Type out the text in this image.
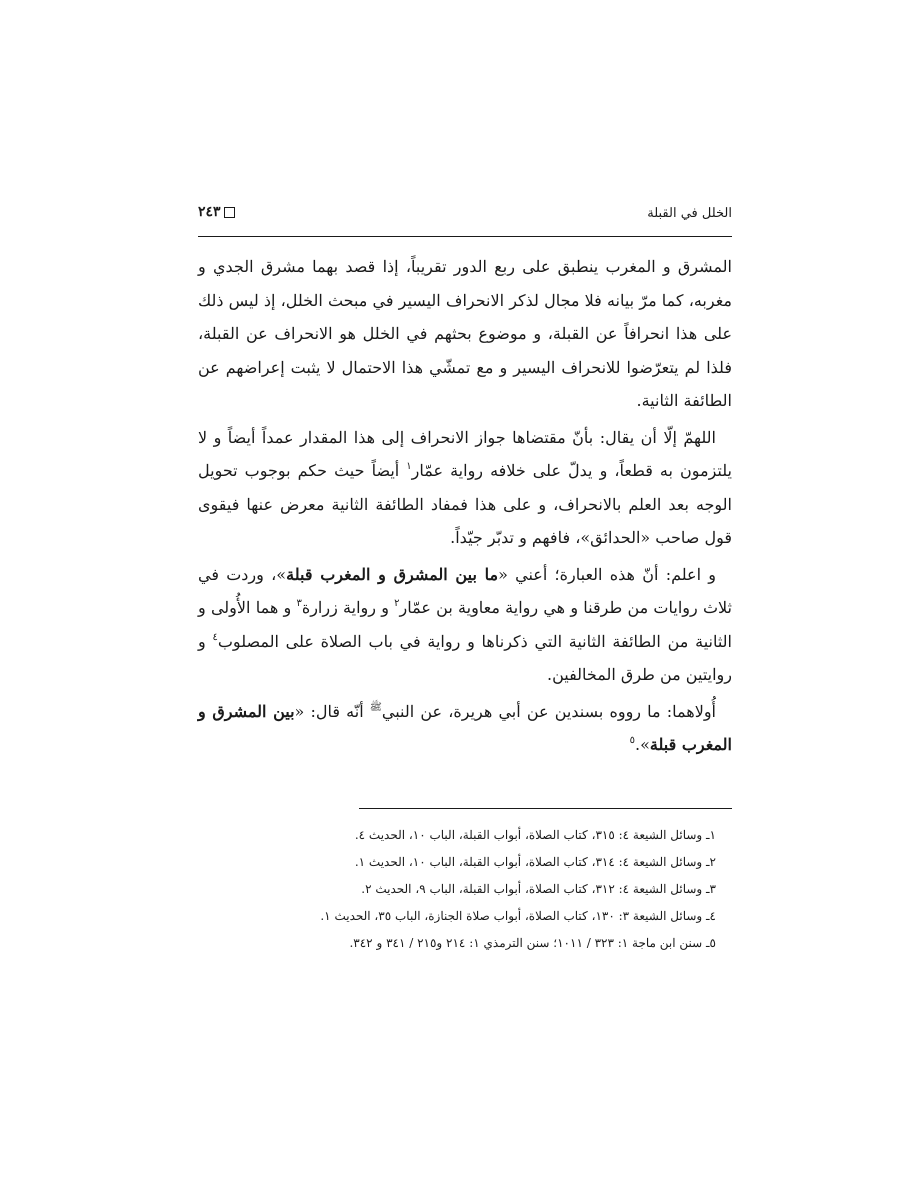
الخلل في القبلة
٢٤٣

المشرق و المغرب ينطبق على ربع الدور تقريباً، إذا قصد بهما مشرق الجدي و مغربه، كما مرّ بيانه فلا مجال لذكر الانحراف اليسير في مبحث الخلل، إذ ليس ذلك على هذا انحرافاً عن القبلة، و موضوع بحثهم في الخلل هو الانحراف عن القبلة، فلذا لم يتعرّضوا للانحراف اليسير و مع تمشّي هذا الاحتمال لا يثبت إعراضهم عن الطائفة الثانية.

اللهمّ إلّا أن يقال: بأنّ مقتضاها جواز الانحراف إلى هذا المقدار عمداً أيضاً و لا يلتزمون به قطعاً، و يدلّ على خلافه رواية عمّار$^١$ أيضاً حيث حكم بوجوب تحويل الوجه بعد العلم بالانحراف، و على هذا فمفاد الطائفة الثانية معرض عنها فيقوى قول صاحب «الحدائق»، فافهم و تدبّر جيّداً.

و اعلم: أنّ هذه العبارة؛ أعني «ما بين المشرق و المغرب قبلة»، وردت في ثلاث روايات من طرقنا و هي رواية معاوية بن عمّار$^٢$ و رواية زرارة$^٣$ و هما الأُولى و الثانية من الطائفة الثانية التي ذكرناها و رواية في باب الصلاة على المصلوب$^٤$ و روايتين من طرق المخالفين.

أُولاهما: ما رووه بسندين عن أبي هريرة، عن النبي$^ﷺ$ أنّه قال: «بين المشرق و المغرب قبلة».$^٥$

١ـ وسائل الشيعة ٤: ٣١٥، كتاب الصلاة، أبواب القبلة، الباب ١٠، الحديث ٤.

٢ـ وسائل الشيعة ٤: ٣١٤، كتاب الصلاة، أبواب القبلة، الباب ١٠، الحديث ١.

٣ـ وسائل الشيعة ٤: ٣١٢، كتاب الصلاة، أبواب القبلة، الباب ٩، الحديث ٢.

٤ـ وسائل الشيعة ٣: ١٣٠، كتاب الصلاة، أبواب صلاة الجنازة، الباب ٣٥، الحديث ١.

٥ـ سنن ابن ماجة ١: ٣٢٣ / ١٠١١؛ سنن الترمذي ١: ٢١٤ و٢١٥ / ٣٤١ و ٣٤٢.
